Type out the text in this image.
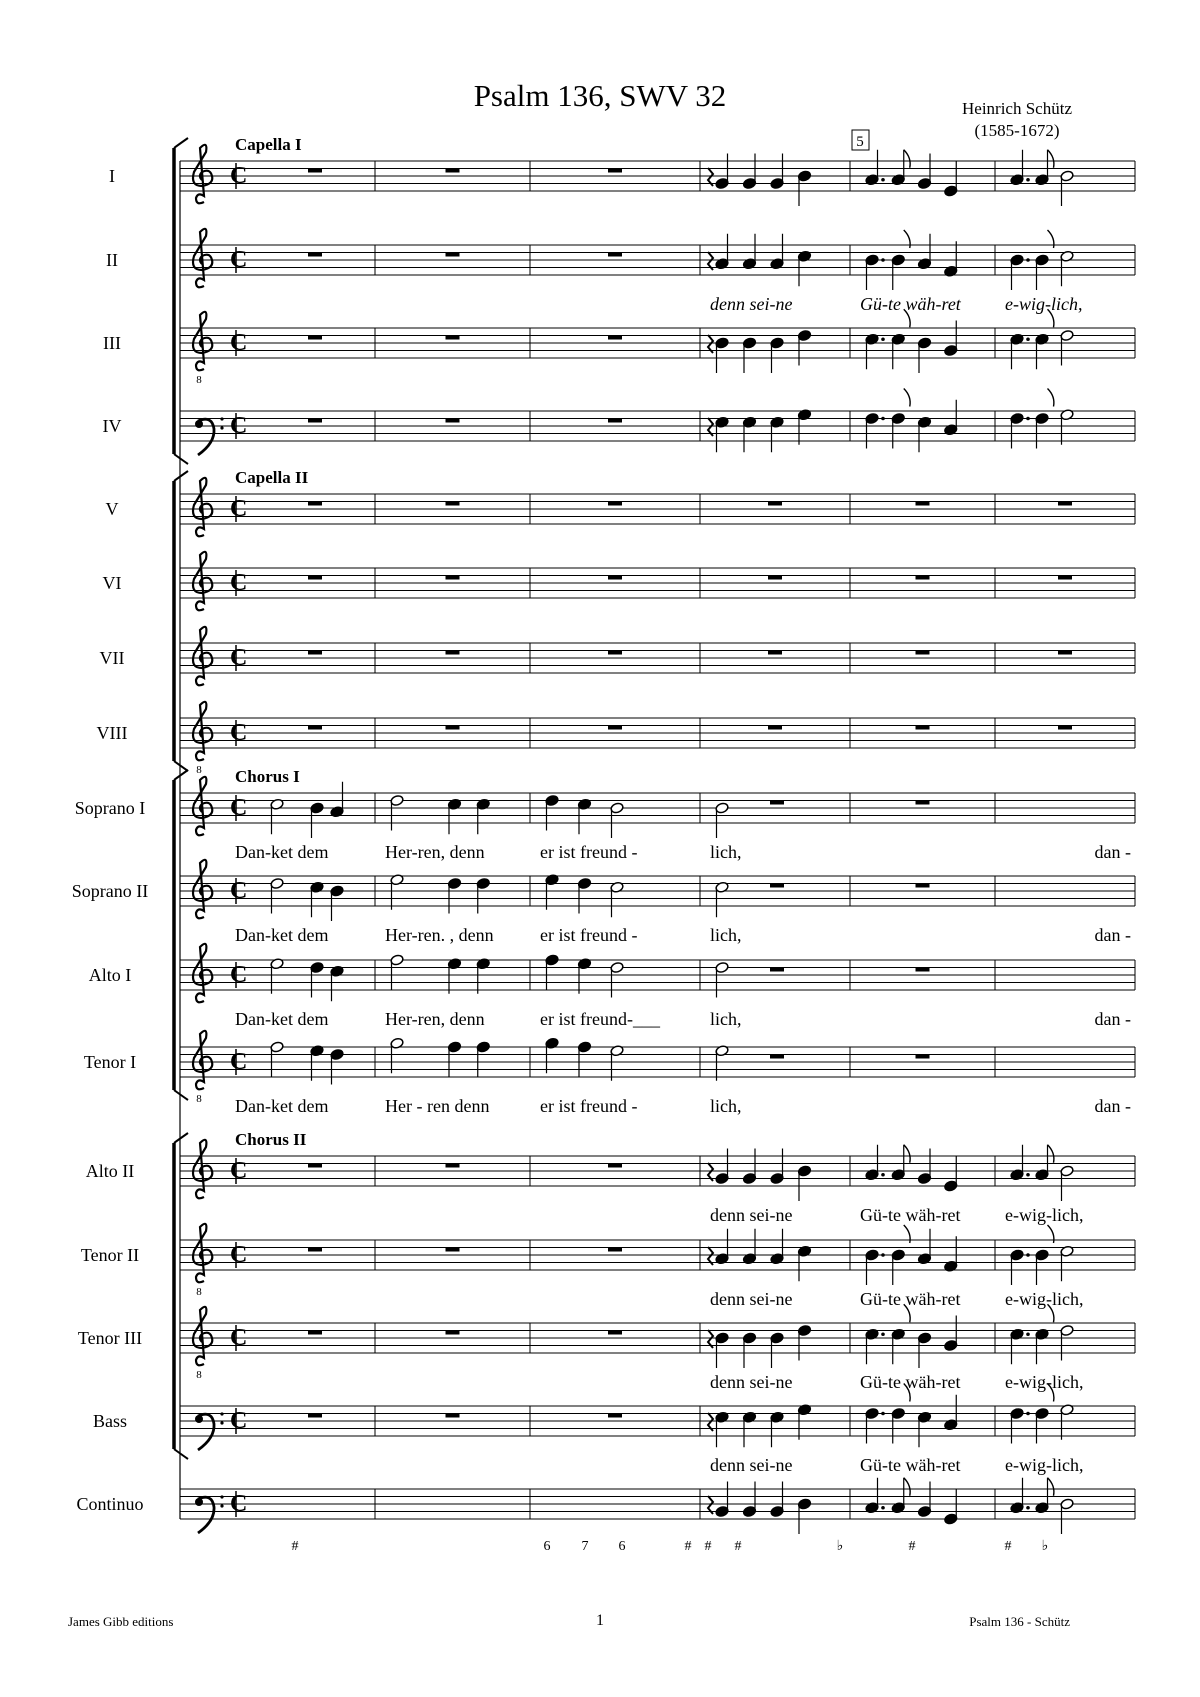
Psalm 136, SWV 32	Heinrich Schütz
(1585-1672)
Capella I
Capella II
Chorus I
Chorus II
5
C
I
C
II
denn sei-ne	Gü-te wäh-ret e-wig-lich,
8
C
III
C
IV
C
V
C
VI
C
VII
8
C
VIII
C
Soprano I
Dan-ket dem	Her-ren, denn	er ist freund -	lich,	dan -
C
Soprano II
Dan-ket dem	Her-ren. , denn	er ist freund -	lich,	dan -
C
Alto I
Dan-ket dem	Her-ren, denn	er ist freund-___	lich,	dan -
8
C
Tenor I
Dan-ket dem	Her - ren denn	er ist freund -	lich,	dan -
C
Alto II
denn sei-ne	Gü-te wäh-ret e-wig-lich,
8
C
Tenor II
denn sei-ne	Gü-te wäh-ret e-wig-lich,
8
C
Tenor III
denn sei-ne	Gü-te wäh-ret e-wig-lich,
C
Bass
denn sei-ne	Gü-te wäh-ret e-wig-lich,
C
Continuo
#	6 7 6	# # #	♭	#	# ♭
James Gibb editions	1	Psalm 136 - Schütz
